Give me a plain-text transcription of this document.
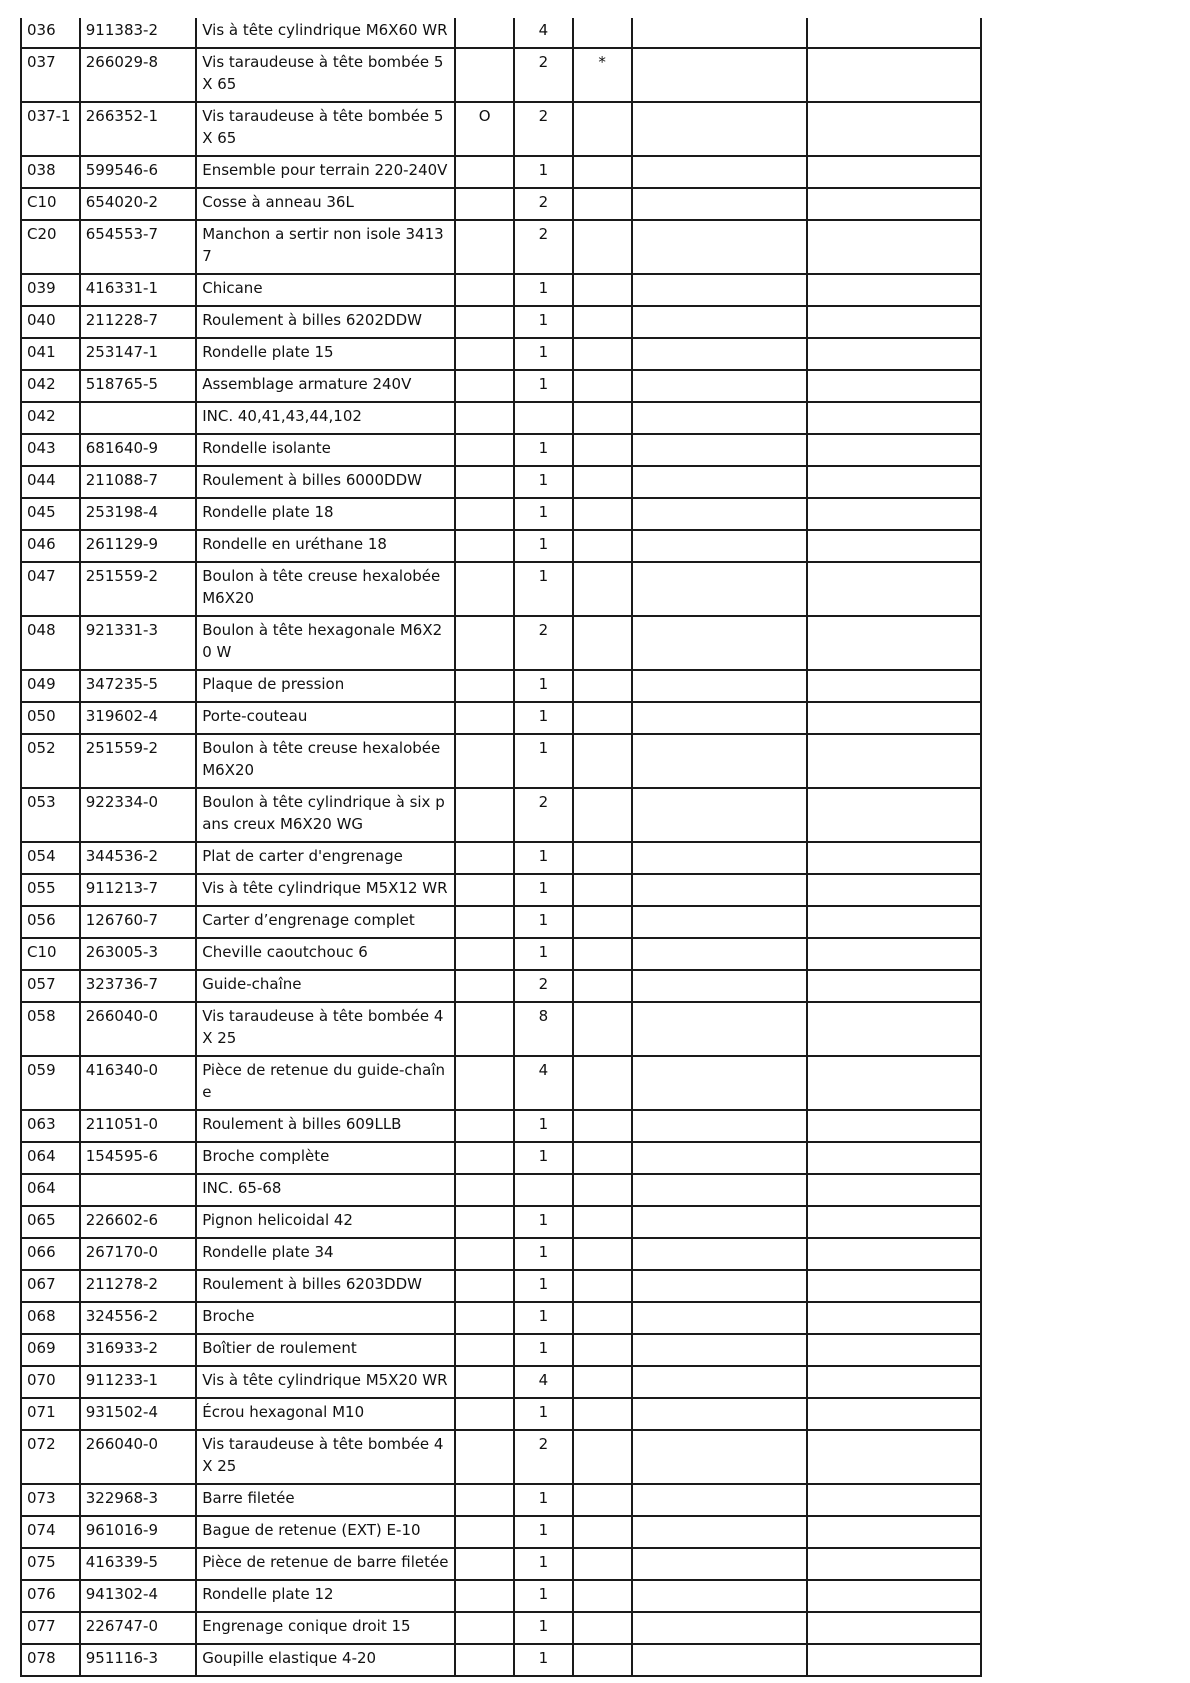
036	911383-2	Vis à tête cylindrique M6X60 WR		4			
037	266029-8	Vis taraudeuse à tête bombée 5X 65		2	*		
037-1	266352-1	Vis taraudeuse à tête bombée 5X 65	O	2			
038	599546-6	Ensemble pour terrain 220-240V		1			
C10	654020-2	Cosse à anneau 36L		2			
C20	654553-7	Manchon a sertir non isole 3413 7		2			
039	416331-1	Chicane		1			
040	211228-7	Roulement à billes 6202DDW		1			
041	253147-1	Rondelle plate 15		1			
042	518765-5	Assemblage armature 240V		1			
042		INC. 40,41,43,44,102					
043	681640-9	Rondelle isolante		1			
044	211088-7	Roulement à billes 6000DDW		1			
045	253198-4	Rondelle plate 18		1			
046	261129-9	Rondelle en uréthane 18		1			
047	251559-2	Boulon à tête creuse hexalobée M6X20		1			
048	921331-3	Boulon à tête hexagonale M6X20 W		2			
049	347235-5	Plaque de pression		1			
050	319602-4	Porte-couteau		1			
052	251559-2	Boulon à tête creuse hexalobée M6X20		1			
053	922334-0	Boulon à tête cylindrique à six pans creux M6X20 WG		2			
054	344536-2	Plat de carter d'engrenage		1			
055	911213-7	Vis à tête cylindrique M5X12 WR		1			
056	126760-7	Carter d’engrenage complet		1			
C10	263005-3	Cheville caoutchouc 6		1			
057	323736-7	Guide-chaîne		2			
058	266040-0	Vis taraudeuse à tête bombée 4X 25		8			
059	416340-0	Pièce de retenue du guide-chaîn e		4			
063	211051-0	Roulement à billes 609LLB		1			
064	154595-6	Broche complète		1			
064		INC. 65-68					
065	226602-6	Pignon helicoidal 42		1			
066	267170-0	Rondelle plate 34		1			
067	211278-2	Roulement à billes 6203DDW		1			
068	324556-2	Broche		1			
069	316933-2	Boîtier de roulement		1			
070	911233-1	Vis à tête cylindrique M5X20 WR		4			
071	931502-4	Écrou hexagonal M10		1			
072	266040-0	Vis taraudeuse à tête bombée 4X 25		2			
073	322968-3	Barre filetée		1			
074	961016-9	Bague de retenue (EXT) E-10		1			
075	416339-5	Pièce de retenue de barre filetée		1			
076	941302-4	Rondelle plate 12		1			
077	226747-0	Engrenage conique droit 15		1			
078	951116-3	Goupille elastique 4-20		1			
